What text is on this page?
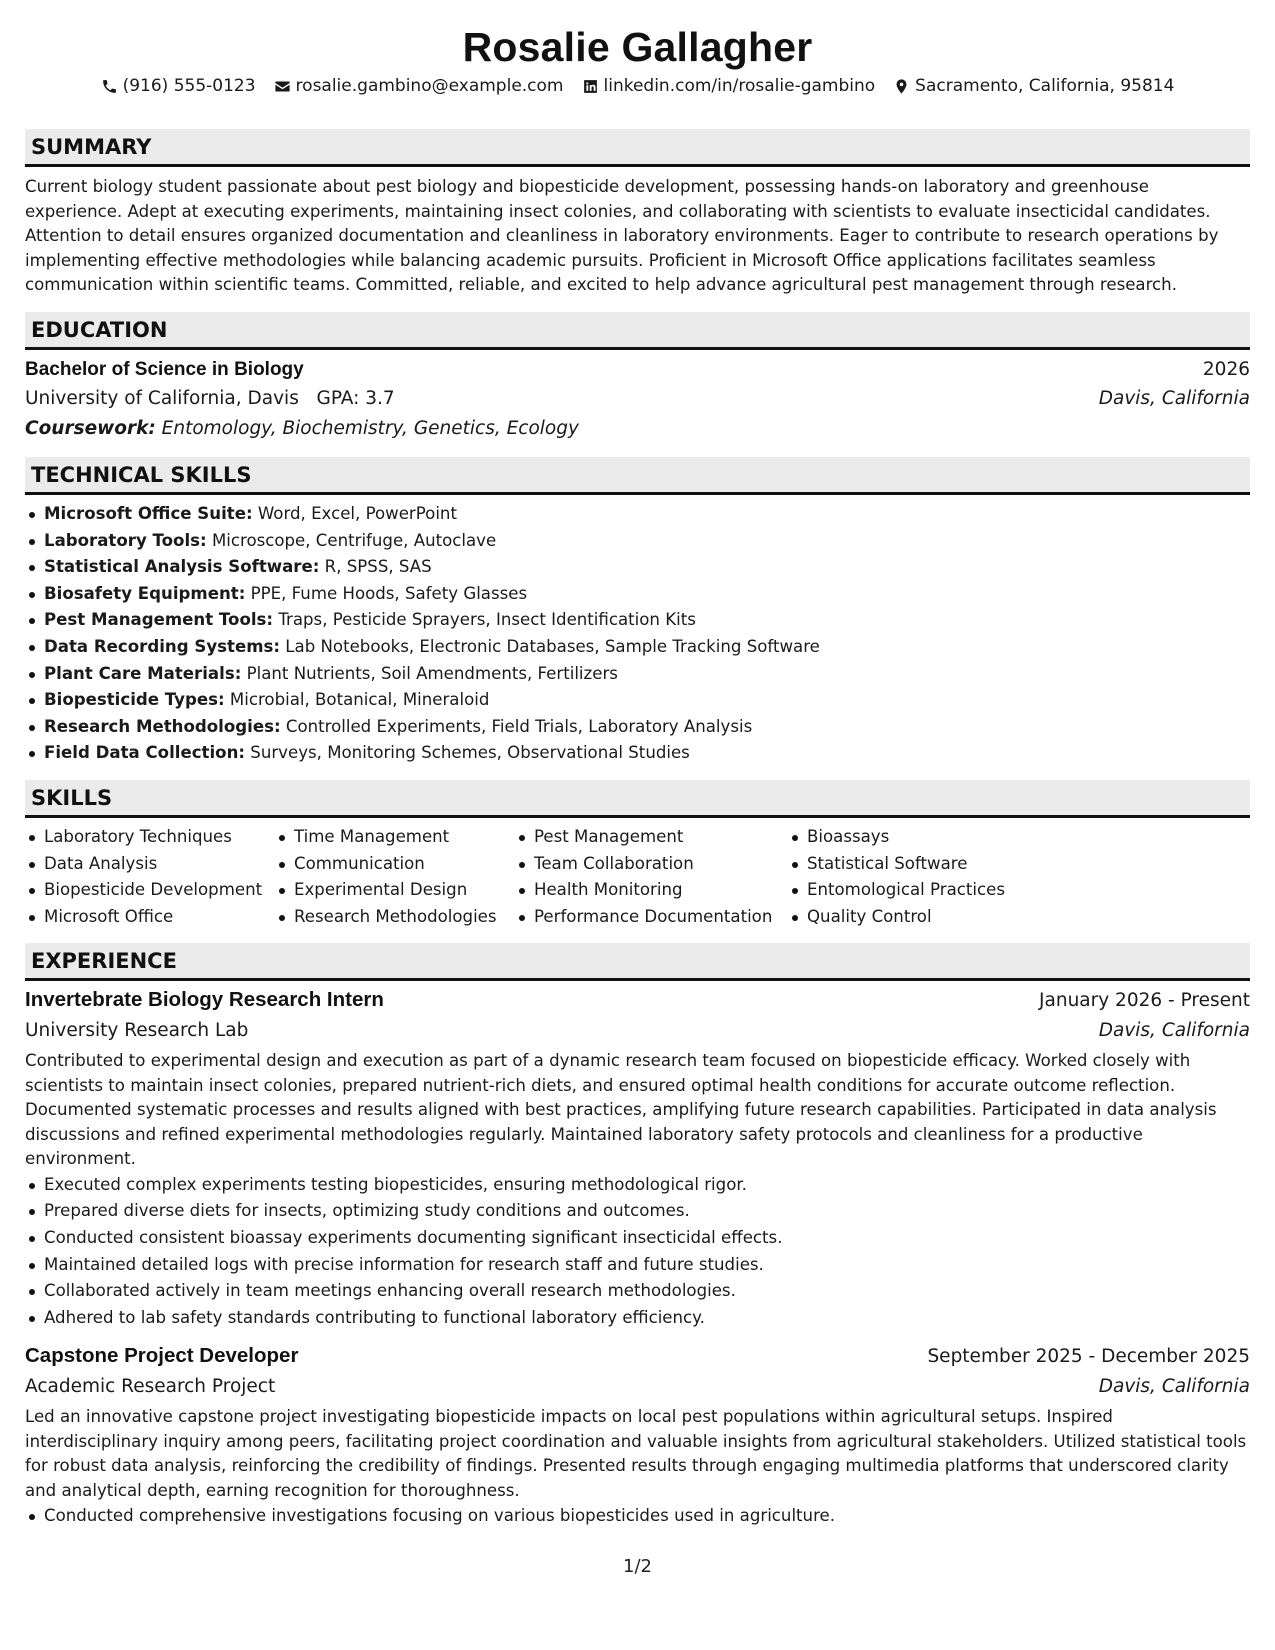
Rosalie Gallagher
(916) 555-0123 rosalie.gambino@example.com linkedin.com/in/rosalie-gambino Sacramento, California, 95814
SUMMARY

Current biology student passionate about pest biology and biopesticide development, possessing hands-on laboratory and greenhouse experience. Adept at executing experiments, maintaining insect colonies, and collaborating with scientists to evaluate insecticidal candidates. Attention to detail ensures organized documentation and cleanliness in laboratory environments. Eager to contribute to research operations by implementing effective methodologies while balancing academic pursuits. Proficient in Microsoft Office applications facilitates seamless communication within scientific teams. Committed, reliable, and excited to help advance agricultural pest management through research.

EDUCATION
Bachelor of Science in Biology	2026
University of California, Davis GPA: 3.7	Davis, California
Coursework: Entomology, Biochemistry, Genetics, Ecology
TECHNICAL SKILLS
Microsoft Office Suite: Word, Excel, PowerPoint
Laboratory Tools: Microscope, Centrifuge, Autoclave
Statistical Analysis Software: R, SPSS, SAS
Biosafety Equipment: PPE, Fume Hoods, Safety Glasses
Pest Management Tools: Traps, Pesticide Sprayers, Insect Identification Kits
Data Recording Systems: Lab Notebooks, Electronic Databases, Sample Tracking Software
Plant Care Materials: Plant Nutrients, Soil Amendments, Fertilizers
Biopesticide Types: Microbial, Botanical, Mineraloid
Research Methodologies: Controlled Experiments, Field Trials, Laboratory Analysis
Field Data Collection: Surveys, Monitoring Schemes, Observational Studies
SKILLS
Laboratory Techniques
Data Analysis
Biopesticide Development
Microsoft Office
Time Management
Communication
Experimental Design
Research Methodologies
Pest Management
Team Collaboration
Health Monitoring
Performance Documentation
Bioassays
Statistical Software
Entomological Practices
Quality Control
EXPERIENCE
Invertebrate Biology Research Intern	January 2026 - Present
University Research Lab	Davis, California

Contributed to experimental design and execution as part of a dynamic research team focused on biopesticide efficacy. Worked closely with scientists to maintain insect colonies, prepared nutrient-rich diets, and ensured optimal health conditions for accurate outcome reflection. Documented systematic processes and results aligned with best practices, amplifying future research capabilities. Participated in data analysis discussions and refined experimental methodologies regularly. Maintained laboratory safety protocols and cleanliness for a productive environment.

Executed complex experiments testing biopesticides, ensuring methodological rigor.
Prepared diverse diets for insects, optimizing study conditions and outcomes.
Conducted consistent bioassay experiments documenting significant insecticidal effects.
Maintained detailed logs with precise information for research staff and future studies.
Collaborated actively in team meetings enhancing overall research methodologies.
Adhered to lab safety standards contributing to functional laboratory efficiency.
Capstone Project Developer	September 2025 - December 2025
Academic Research Project	Davis, California

Led an innovative capstone project investigating biopesticide impacts on local pest populations within agricultural setups. Inspired interdisciplinary inquiry among peers, facilitating project coordination and valuable insights from agricultural stakeholders. Utilized statistical tools for robust data analysis, reinforcing the credibility of findings. Presented results through engaging multimedia platforms that underscored clarity and analytical depth, earning recognition for thoroughness.

Conducted comprehensive investigations focusing on various biopesticides used in agriculture.
1/2
